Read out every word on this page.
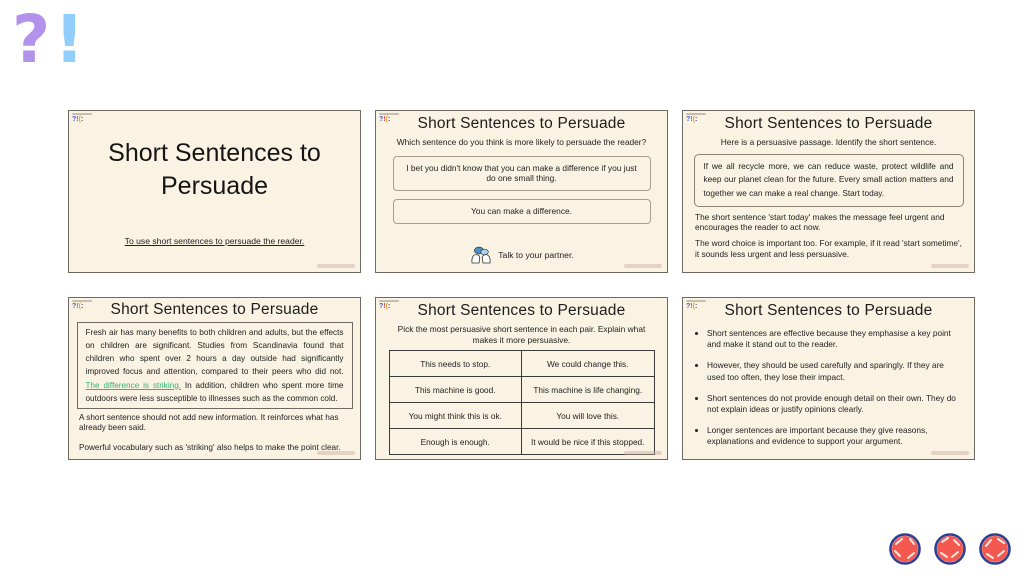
?!
?!(:
Short Sentences to Persuade
To use short sentences to persuade the reader.
?!(:	Short Sentences to Persuade
Which sentence do you think is more likely to persuade the reader?
I bet you didn't know that you can make a difference if you just do one small thing.
You can make a difference.
Talk to your partner.
?!(:	Short Sentences to Persuade
Here is a persuasive passage. Identify the short sentence.
If we all recycle more, we can reduce waste, protect wildlife and keep our planet clean for the future. Every small action matters and together we can make a real change. Start today.
The short sentence 'start today' makes the message feel urgent and encourages the reader to act now.
The word choice is important too. For example, if it read 'start sometime', it sounds less urgent and less persuasive.
?!(:	Short Sentences to Persuade
Fresh air has many benefits to both children and adults, but the effects on children are significant. Studies from Scandinavia found that children who spent over 2 hours a day outside had significantly improved focus and attention, compared to their peers who did not. The difference is striking. In addition, children who spent more time outdoors were less susceptible to illnesses such as the common cold.
A short sentence should not add new information. It reinforces what has already been said.
Powerful vocabulary such as 'striking' also helps to make the point clear.
?!(:	Short Sentences to Persuade
Pick the most persuasive short sentence in each pair. Explain what makes it more persuasive.
This needs to stop.	We could change this.
This machine is good.	This machine is life changing.
You might think this is ok.	You will love this.
Enough is enough.	It would be nice if this stopped.
?!(:	Short Sentences to Persuade
• Short sentences are effective because they emphasise a key point and make it stand out to the reader.
• However, they should be used carefully and sparingly. If they are used too often, they lose their impact.
• Short sentences do not provide enough detail on their own. They do not explain ideas or justify opinions clearly.
• Longer sentences are important because they give reasons, explanations and evidence to support your argument.
